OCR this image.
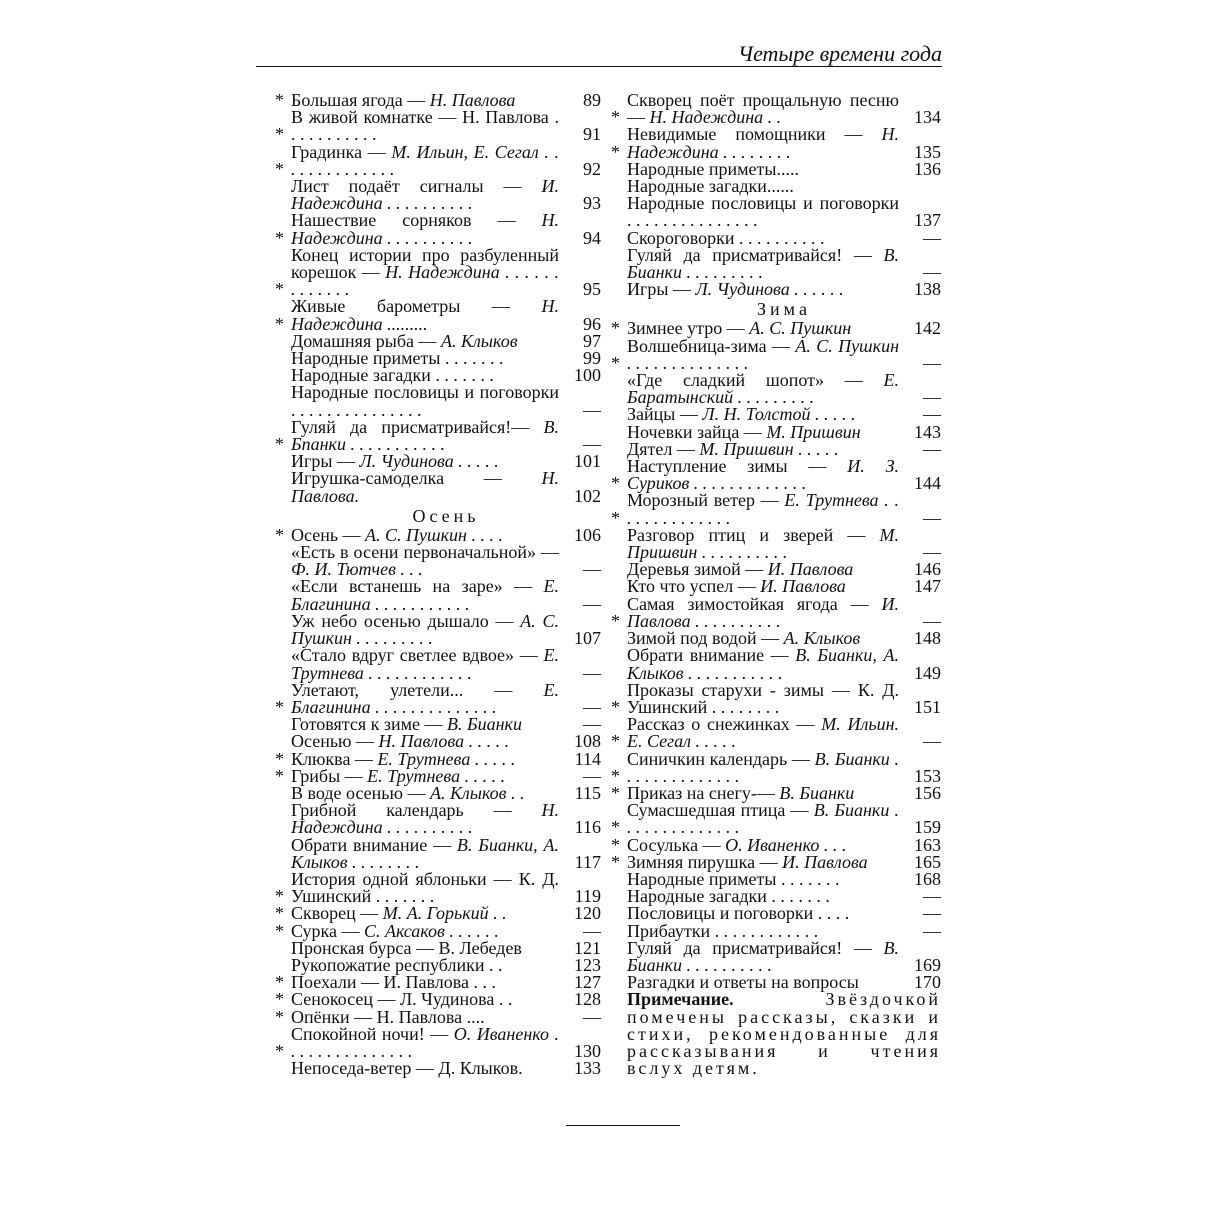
Четыре времени года
* Большая ягода — Н. Павлова	89
*
В живой комнатке — Н. Павлова . . . . . . . . . . .	91
*
Градинка — М. Ильин, Е. Сегал . . . . . . . . . . . . . .	92
Лист подаёт сигналы — И. Надеждина . . . . . . . . . .	93
*
Нашествие сорняков — Н. Надеждина . . . . . . . . . .	94
*
Конец истории про разбуленный корешок — Н. Надеждина . . . . . . . . . . . . .	95
*
Живые барометры — Н. Надеждина .........	96
Домашняя рыба — А. Клыков	97
Народные приметы . . . . . . .	99
Народные загадки . . . . . . .	100
Народные пословицы и поговорки . . . . . . . . . . . . . . .	—
*
Гуляй да присматривайся!— В. Бпанки . . . . . . . . . . .	—
Игры — Л. Чудинова . . . . .	101
Игрушка-самоделка — Н. Павлова.	102
Осень
* Осень — А. С. Пушкин . . . .	106
«Есть в осени первоначальной» — Ф. И. Тютчев . . .	—
«Если встанешь на заре» — Е. Благинина . . . . . . . . . . .	—
Уж небо осенью дышало — А. С. Пушкин . . . . . . . . .	107
«Стало вдруг светлее вдвое» — Е. Трутнева . . . . . . . . . . . .	—
*
Улетают, улетели... — Е. Благинина . . . . . . . . . . . . . .	—
Готовятся к зиме — В. Бианки	—
Осенью — Н. Павлова . . . . .	108
* Клюква — Е. Трутнева . . . . .	114
* Грибы — Е. Трутнева . . . . .	—
В воде осенью — А. Клыков . .	115
Грибной календарь — Н. Надеждина . . . . . . . . . .	116
Обрати внимание — В. Бианки, А. Клыков . . . . . . . .	117
*
История одной яблоньки — К. Д. Ушинский . . . . . . .	119
* Скворец — М. А. Горький . .	120
* Сурка — С. Аксаков . . . . . .	—
Пронская бурса — В. Лебедев	121
Рукопожатие республики . .	123
* Поехали — И. Павлова . . .	127
* Сенокосец — Л. Чудинова . .	128
* Опёнки — Н. Павлова ....	—
*
Спокойной ночи! — О. Иваненко . . . . . . . . . . . . . . .	130
Непоседа-ветер — Д. Клыков.	133
*
Скворец поёт прощальную песню — Н. Надеждина . .	134
*
Невидимые помощники — Н. Надеждина . . . . . . . .	135
Народные приметы.....	136
Народные загадки......
Народные пословицы и поговорки . . . . . . . . . . . . . . .	137
Скороговорки . . . . . . . . . .	—
Гуляй да присматривайся! — В. Бианки . . . . . . . . .	—
Игры — Л. Чудинова . . . . . .	138
Зима
* Зимнее утро — А. С. Пушкин	142
*
Волшебница-зима — А. С. Пушкин . . . . . . . . . . . . . .	—
«Где сладкий шопот» — Е. Баратынский . . . . . . . . .	—
Зайцы — Л. Н. Толстой . . . . .	—
Ночевки зайца — М. Пришвин	143
Дятел — М. Пришвин . . . . .	—
*
Наступление зимы — И. З. Суриков . . . . . . . . . . . . .	144
*
Морозный ветер — Е. Трутнева . . . . . . . . . . . . . .	—
Разговор птиц и зверей — М. Пришвин . . . . . . . . . .	—
Деревья зимой — И. Павлова	146
Кто что успел — И. Павлова	147
*
Самая зимостойкая ягода — И. Павлова . . . . . . . . . .	—
Зимой под водой — А. Клыков	148
Обрати внимание — В. Бианки, А. Клыков . . . . . . . . . . .	149
*
Проказы старухи - зимы — К. Д. Ушинский . . . . . . . .	151
*
Рассказ о снежинках — М. Ильин. Е. Сегал . . . . .	—
*
Синичкин календарь — В. Бианки . . . . . . . . . . . . . .	153
* Приказ на снегу-— В. Бианки	156
*
Сумасшедшая птица — В. Бианки . . . . . . . . . . . . . .	159
* Сосулька — О. Иваненко . . .	163
* Зимняя пирушка — И. Павлова	165
Народные приметы . . . . . . .	168
Народные загадки . . . . . . .	—
Пословицы и поговорки . . . .	—
Прибаутки . . . . . . . . . . . .	—
Гуляй да присматривайся! — В. Бианки . . . . . . . . . .	169
Разгадки и ответы на вопросы	170
Примечание. Звёздочкой помечены рассказы, сказки и стихи, рекомендованные для рассказывания и чтения вслух детям.
